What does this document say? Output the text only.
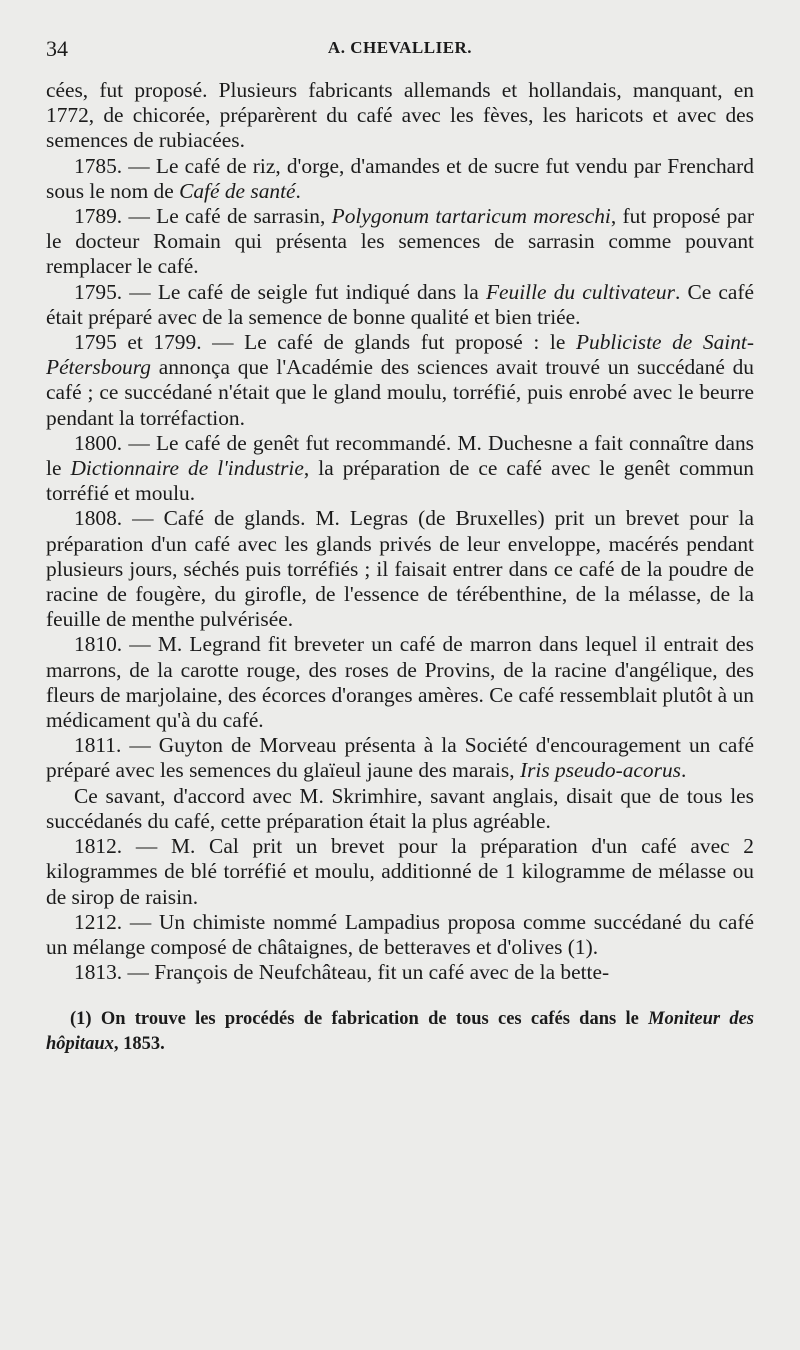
34	A. CHEVALLIER.

cées, fut proposé. Plusieurs fabricants allemands et hollandais, manquant, en 1772, de chicorée, préparèrent du café avec les fèves, les haricots et avec des semences de rubiacées.

1785. — Le café de riz, d'orge, d'amandes et de sucre fut vendu par Frenchard sous le nom de Café de santé.

1789. — Le café de sarrasin, Polygonum tartaricum moreschi, fut proposé par le docteur Romain qui présenta les semences de sarrasin comme pouvant remplacer le café.

1795. — Le café de seigle fut indiqué dans la Feuille du cultivateur. Ce café était préparé avec de la semence de bonne qualité et bien triée.

1795 et 1799. — Le café de glands fut proposé : le Publiciste de Saint-Pétersbourg annonça que l'Académie des sciences avait trouvé un succédané du café ; ce succédané n'était que le gland moulu, torréfié, puis enrobé avec le beurre pendant la torréfaction.

1800. — Le café de genêt fut recommandé. M. Duchesne a fait connaître dans le Dictionnaire de l'industrie, la préparation de ce café avec le genêt commun torréfié et moulu.

1808. — Café de glands. M. Legras (de Bruxelles) prit un brevet pour la préparation d'un café avec les glands privés de leur enveloppe, macérés pendant plusieurs jours, séchés puis torréfiés ; il faisait entrer dans ce café de la poudre de racine de fougère, du girofle, de l'essence de térébenthine, de la mélasse, de la feuille de menthe pulvérisée.

1810. — M. Legrand fit breveter un café de marron dans lequel il entrait des marrons, de la carotte rouge, des roses de Provins, de la racine d'angélique, des fleurs de marjolaine, des écorces d'oranges amères. Ce café ressemblait plutôt à un médicament qu'à du café.

1811. — Guyton de Morveau présenta à la Société d'encouragement un café préparé avec les semences du glaïeul jaune des marais, Iris pseudo-acorus.

Ce savant, d'accord avec M. Skrimhire, savant anglais, disait que de tous les succédanés du café, cette préparation était la plus agréable.

1812. — M. Cal prit un brevet pour la préparation d'un café avec 2 kilogrammes de blé torréfié et moulu, additionné de 1 kilogramme de mélasse ou de sirop de raisin.

1212. — Un chimiste nommé Lampadius proposa comme succédané du café un mélange composé de châtaignes, de betteraves et d'olives (1).

1813. — François de Neufchâteau, fit un café avec de la bette-

(1) On trouve les procédés de fabrication de tous ces cafés dans le Moniteur des hôpitaux, 1853.
